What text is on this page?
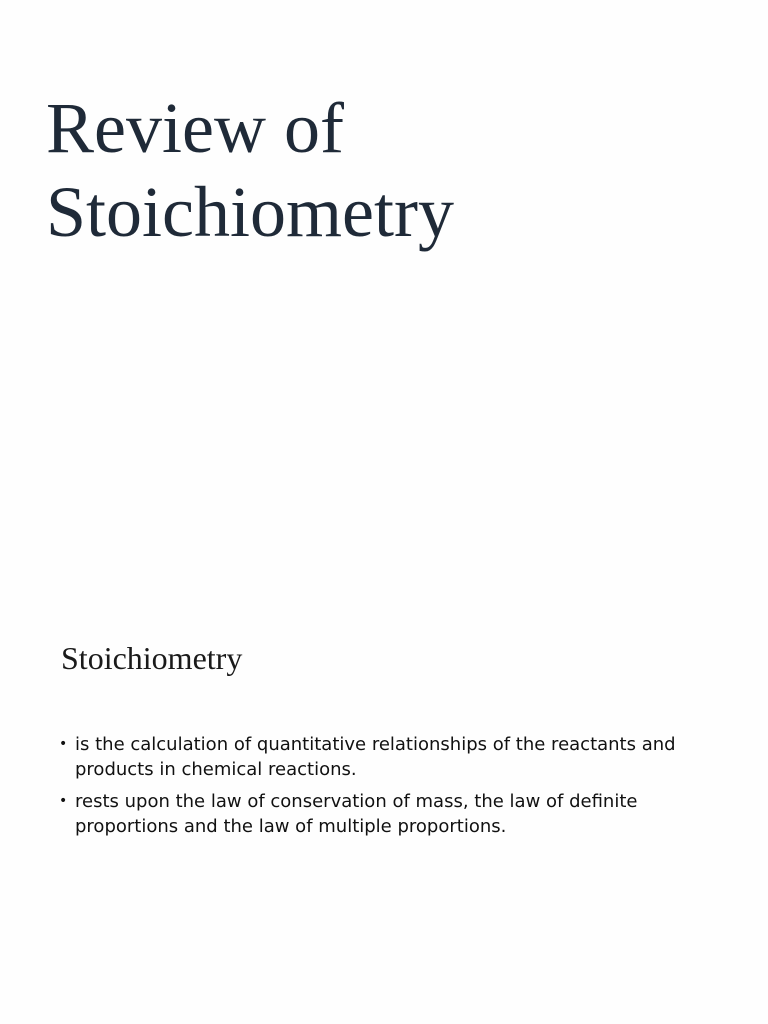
Review of
Stoichiometry
Stoichiometry
• is the calculation of quantitative relationships of the reactants and products in chemical reactions.
• rests upon the law of conservation of mass, the law of definite proportions and the law of multiple proportions.
